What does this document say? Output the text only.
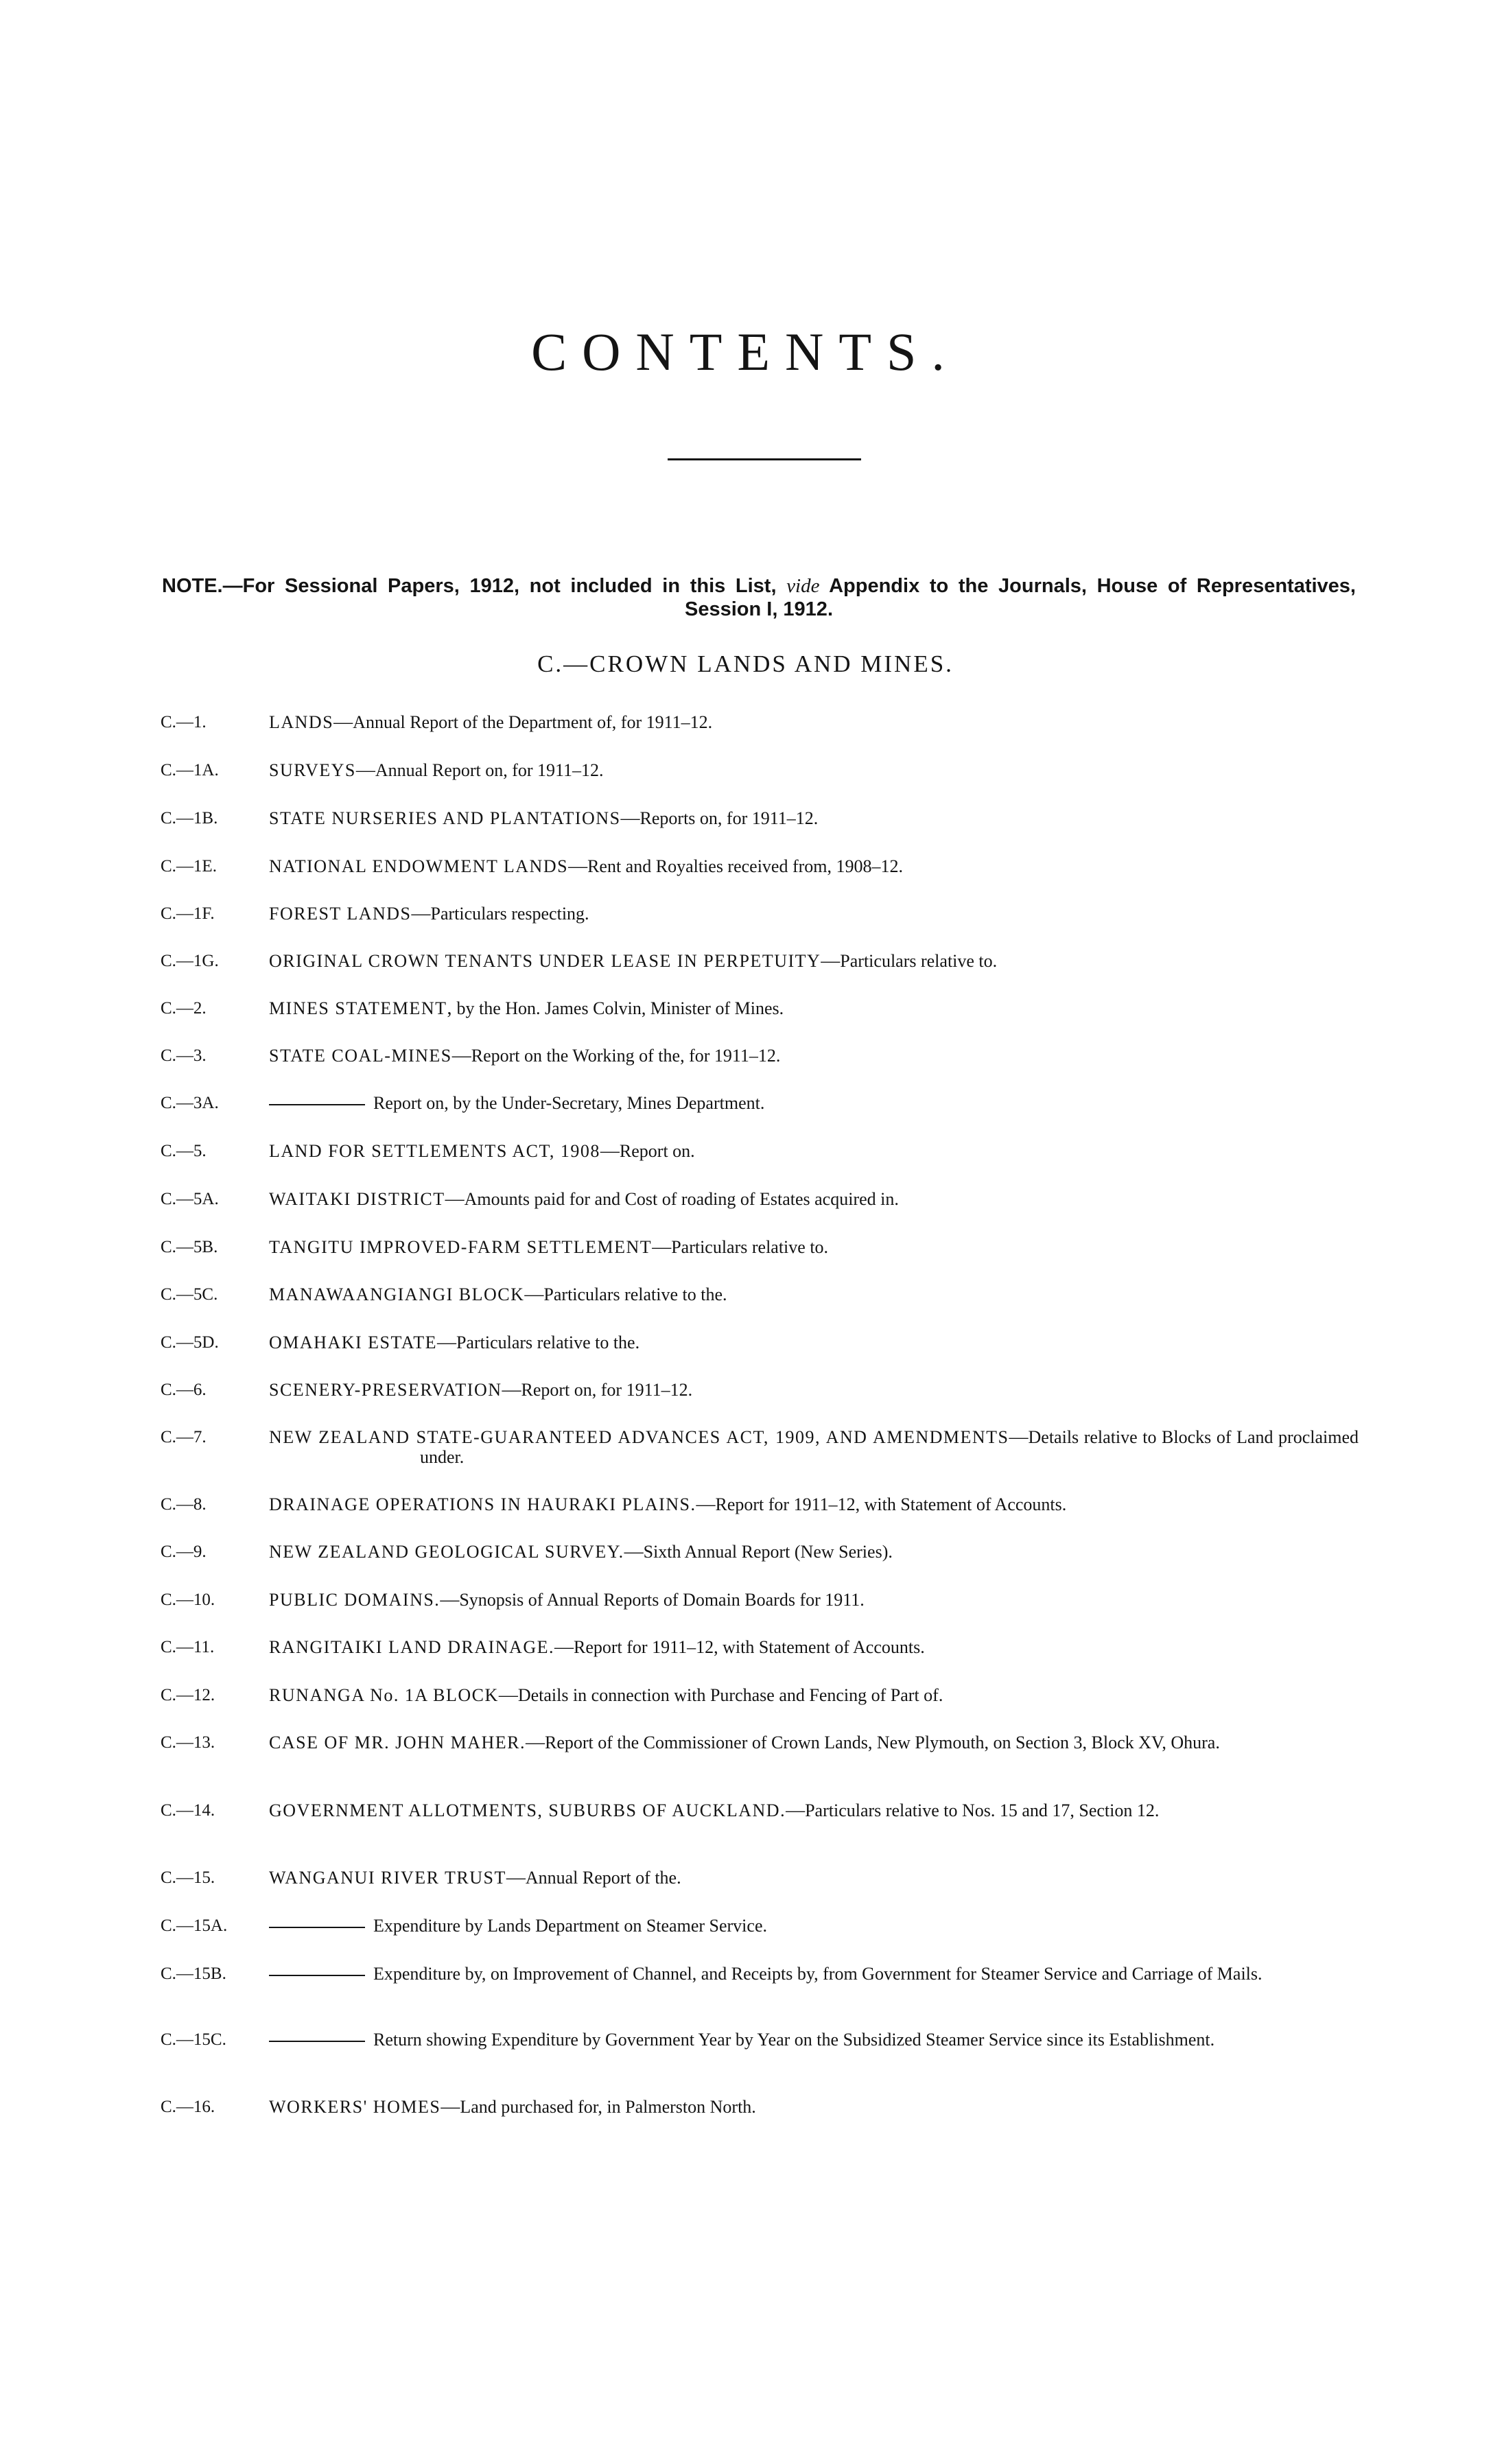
CONTENTS.

NOTE.—For Sessional Papers, 1912, not included in this List, vide Appendix to the Journals, House of Representatives, Session I, 1912.

C.—CROWN LANDS AND MINES.
C.—1.	LANDS—Annual Report of the Department of, for 1911–12.
C.—1A.	SURVEYS—Annual Report on, for 1911–12.
C.—1B.	STATE NURSERIES AND PLANTATIONS—Reports on, for 1911–12.
C.—1E.	NATIONAL ENDOWMENT LANDS—Rent and Royalties received from, 1908–12.
C.—1F.	FOREST LANDS—Particulars respecting.
C.—1G.	ORIGINAL CROWN TENANTS UNDER LEASE IN PERPETUITY—Particulars relative to.
C.—2.	MINES STATEMENT, by the Hon. James Colvin, Minister of Mines.
C.—3.	STATE COAL-MINES—Report on the Working of the, for 1911–12.
C.—3A.	Report on, by the Under-Secretary, Mines Department.
C.—5.	LAND FOR SETTLEMENTS ACT, 1908—Report on.
C.—5A.	WAITAKI DISTRICT—Amounts paid for and Cost of roading of Estates acquired in.
C.—5B.	TANGITU IMPROVED-FARM SETTLEMENT—Particulars relative to.
C.—5C.	MANAWAANGIANGI BLOCK—Particulars relative to the.
C.—5D.	OMAHAKI ESTATE—Particulars relative to the.
C.—6.	SCENERY-PRESERVATION—Report on, for 1911–12.
C.—7.	NEW ZEALAND STATE-GUARANTEED ADVANCES ACT, 1909, AND AMENDMENTS—Details relative to Blocks of Land proclaimed under.
C.—8.	DRAINAGE OPERATIONS IN HAURAKI PLAINS.—Report for 1911–12, with Statement of Accounts.
C.—9.	NEW ZEALAND GEOLOGICAL SURVEY.—Sixth Annual Report (New Series).
C.—10.	PUBLIC DOMAINS.—Synopsis of Annual Reports of Domain Boards for 1911.
C.—11.	RANGITAIKI LAND DRAINAGE.—Report for 1911–12, with Statement of Accounts.
C.—12.	RUNANGA No. 1A BLOCK—Details in connection with Purchase and Fencing of Part of.
C.—13.	CASE OF MR. JOHN MAHER.—Report of the Commissioner of Crown Lands, New Plymouth, on Section 3, Block XV, Ohura.
C.—14.	GOVERNMENT ALLOTMENTS, SUBURBS OF AUCKLAND.—Particulars relative to Nos. 15 and 17, Section 12.
C.—15.	WANGANUI RIVER TRUST—Annual Report of the.
C.—15A.	Expenditure by Lands Department on Steamer Service.
C.—15B.	Expenditure by, on Improvement of Channel, and Receipts by, from Government for Steamer Service and Carriage of Mails.
C.—15C.	Return showing Expenditure by Government Year by Year on the Subsidized Steamer Service since its Establishment.
C.—16.	WORKERS' HOMES—Land purchased for, in Palmerston North.
